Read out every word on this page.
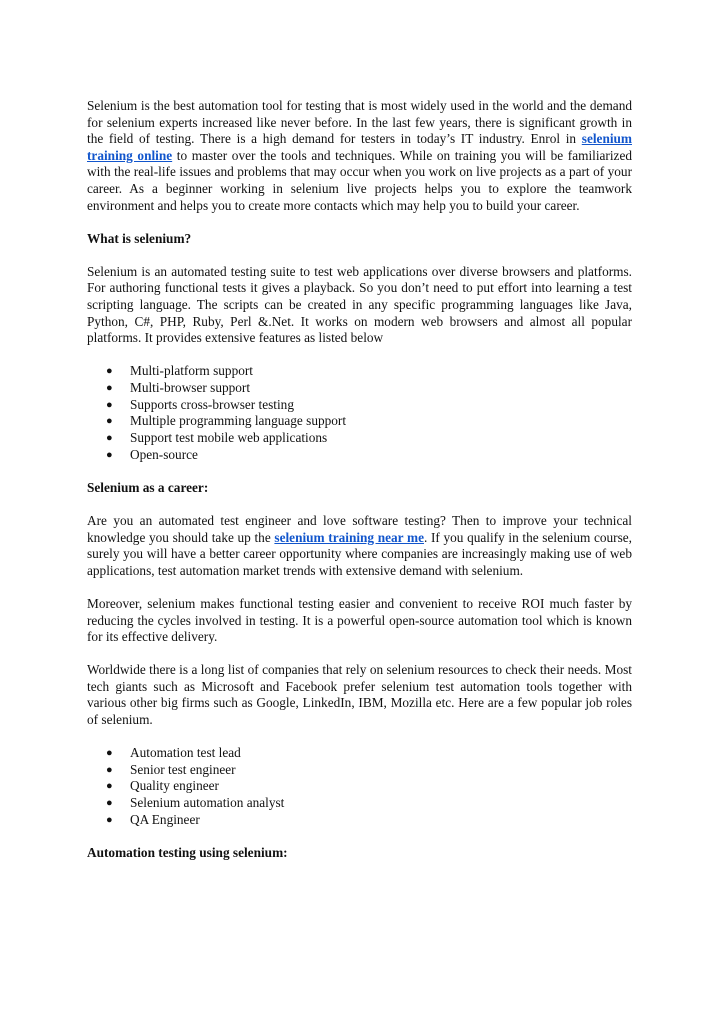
Selenium is the best automation tool for testing that is most widely used in the world and the demand for selenium experts increased like never before. In the last few years, there is significant growth in the field of testing. There is a high demand for testers in today’s IT industry. Enrol in selenium training online to master over the tools and techniques. While on training you will be familiarized with the real-life issues and problems that may occur when you work on live projects as a part of your career. As a beginner working in selenium live projects helps you to explore the teamwork environment and helps you to create more contacts which may help you to build your career.

What is selenium?

Selenium is an automated testing suite to test web applications over diverse browsers and platforms. For authoring functional tests it gives a playback. So you don’t need to put effort into learning a test scripting language. The scripts can be created in any specific programming languages like Java, Python, C#, PHP, Ruby, Perl &.Net. It works on modern web browsers and almost all popular platforms. It provides extensive features as listed below

● Multi-platform support
● Multi-browser support
● Supports cross-browser testing
● Multiple programming language support
● Support test mobile web applications
● Open-source
Selenium as a career:

Are you an automated test engineer and love software testing? Then to improve your technical knowledge you should take up the selenium training near me. If you qualify in the selenium course, surely you will have a better career opportunity where companies are increasingly making use of web applications, test automation market trends with extensive demand with selenium.

Moreover, selenium makes functional testing easier and convenient to receive ROI much faster by reducing the cycles involved in testing. It is a powerful open-source automation tool which is known for its effective delivery.

Worldwide there is a long list of companies that rely on selenium resources to check their needs. Most tech giants such as Microsoft and Facebook prefer selenium test automation tools together with various other big firms such as Google, LinkedIn, IBM, Mozilla etc. Here are a few popular job roles of selenium.

● Automation test lead
● Senior test engineer
● Quality engineer
● Selenium automation analyst
● QA Engineer
Automation testing using selenium:
